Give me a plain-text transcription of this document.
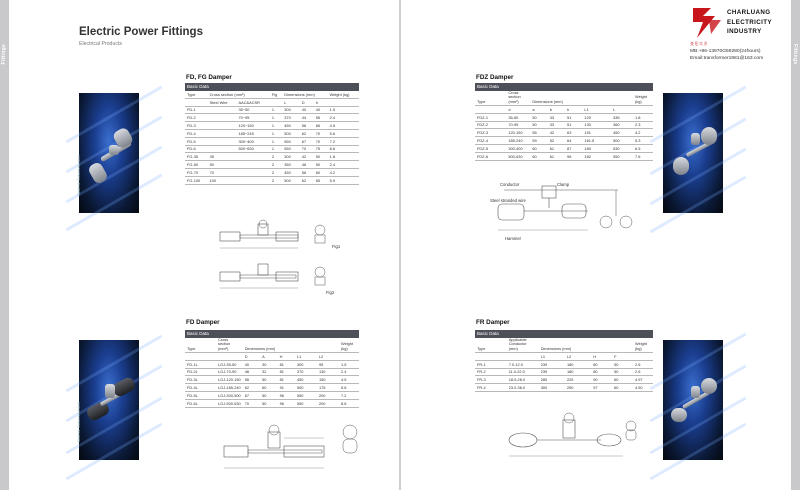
Fittings
Electric Power Fittings
Electrical Products
FD, FG Damper
Material: Galvanized steel
Basic Data							
Type	Cross section (mm²)		Fig	Dimensions (mm)			Weight (kg)
	Steel Wire	AAC&ACSR		L	D	h	
FD-1		35~50	1	300	40	40	1.5
FD-2		70~95	1	370	44	55	2.4
FD-3		120~150	1	450	56	65	4.5
FD-4		185~245	1	500	62	70	5.6
FD-5		300~400	1	550	67	70	7.2
FD-6		500~630	1	550	70	75	8.6
FG-35	35		2	300	42	50	1.8
FG-50	50		2	350	46	50	2.4
FG-70	70		2	450	56	60	4.2
FG-100	100		2	500	62	65	5.9
Fig1
Fig2
FD Damper
Material: Galvanized steel
Basic Data							
Type	Cross section (mm²)	Dimensions (mm)					Weight (kg)
		D	A	H	L1	L2	
FD-1L	LGJ-35-50	40	30	81	300	95	1.5
FD-2L	LGJ-70-90	46	32	81	370	130	2.4
FD-3L	LGJ-120-150	56	50	81	450	150	4.5
FD-4L	LGJ-185-240	62	60	91	500	175	5.6
FD-5L	LGJ-300-500	67	50	96	550	200	7.2
FD-6L	LGJ-500-630	70	50	96	550	200	8.6
Fittings
查伦实业
CHARLUANG
ELECTRICITY
INDUSTRY
MB:+86-13970G59280(24hours)
Email:transformer1981@163.com
FDZ Damper
Basic Data							
Type	Cross section (mm²)	Dimensions (mm)					Weight (kg)
	d	a	b	h	L1	L	
FDZ-1	35-50	50	33	51	120	335	1.8
FDZ-2	70-95	50	33	51	130	360	2.3
FDZ-3	120-150	55	42	63	151	450	4.2
FDZ-4	185-240	59	52	64	161.5	500	5.3
FDZ-5	300-400	60	61	87	180	530	6.5
FDZ-6	500-630	60	61	96	182	550	7.6
Conductor	Clamp
Steel stranded wire
Hammer
FR Damper
Basic Data						
Type	Applicable Conductor (mm)	Dimensions (mm)				Weight (kg)
		L1	L2	H	F	
FR-1	7.0-12.0	239	180	80	50	2.6
FR-2	11.0-22.0	239	180	80	50	2.6
FR-3	18.0-28.0	280	225	90	60	4.97
FR-4	23.0-36.0	300	250	97	60	4.50
